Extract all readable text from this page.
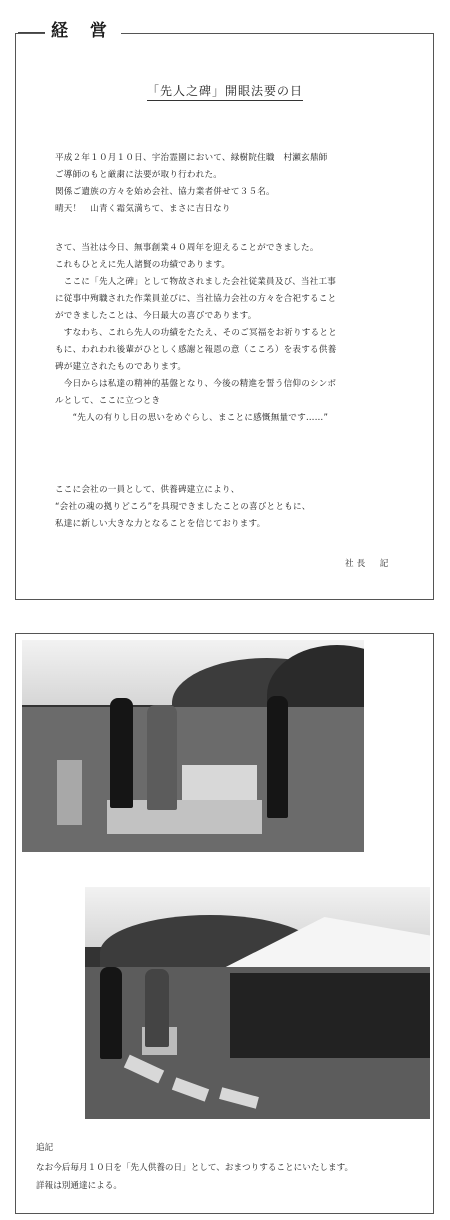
経 営
「先人之碑」開眼法要の日
平成２年１０月１０日、宇治霊園において、緑樹院住職　村瀬玄鼎師
ご導師のもと厳粛に法要が取り行われた。
関係ご遺族の方々を始め会社、協力業者併せて３５名。
晴天！　山青く霜気満ちて、まさに吉日なり
さて、当社は今日、無事創業４０周年を迎えることができました。
これもひとえに先人諸賢の功績であります。
　ここに「先人之碑」として物故されました会社従業員及び、当社工事
に従事中殉職された作業員並びに、当社協力会社の方々を合祀すること
ができましたことは、今日最大の喜びであります。
　すなわち、これら先人の功績をたたえ、そのご冥福をお祈りするとと
もに、われわれ後輩がひとしく感謝と報恩の意（こころ）を表する供養
碑が建立されたものであります。
　今日からは私達の精神的基盤となり、今後の精進を誓う信仰のシンボ
ルとして、ここに立つとき
　　“先人の有りし日の思いをめぐらし、まことに感慨無量です……”
ここに会社の一員として、供養碑建立により、
“会社の魂の拠りどころ”を具現できましたことの喜びとともに、
私達に新しい大きな力となることを信じております。
社長　記
追記
なお今后毎月１０日を「先人供養の日」として、おまつりすることにいたします。
詳報は別通達による。
